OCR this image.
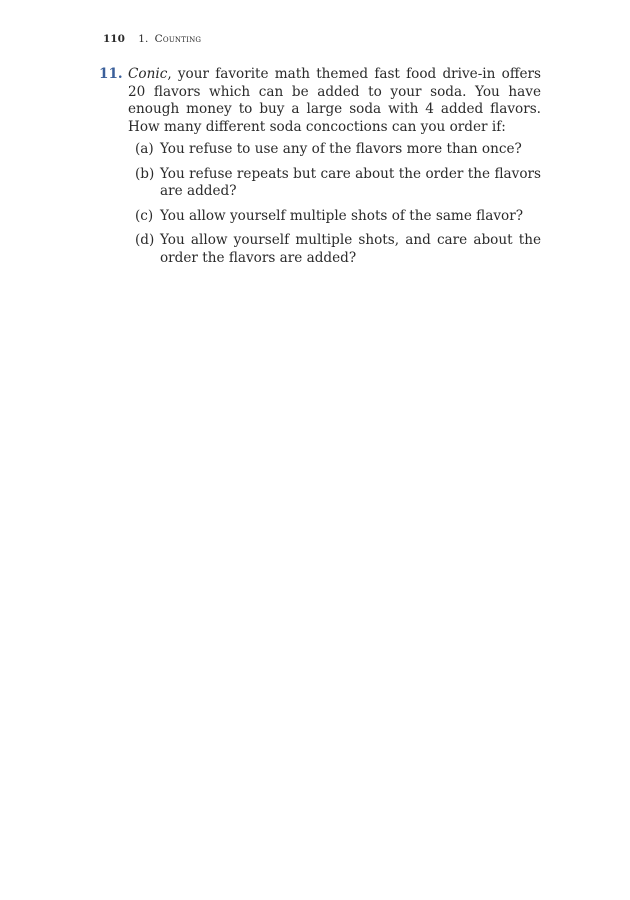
110 1. Counting
11. Conic, your favorite math themed fast food drive-in offers 20 flavors which can be added to your soda. You have enough money to buy a large soda with 4 added flavors. How many different soda concoctions can you order if:
(a) You refuse to use any of the flavors more than once?
(b) You refuse repeats but care about the order the flavors are added?
(c) You allow yourself multiple shots of the same flavor?
(d) You allow yourself multiple shots, and care about the order the flavors are added?
